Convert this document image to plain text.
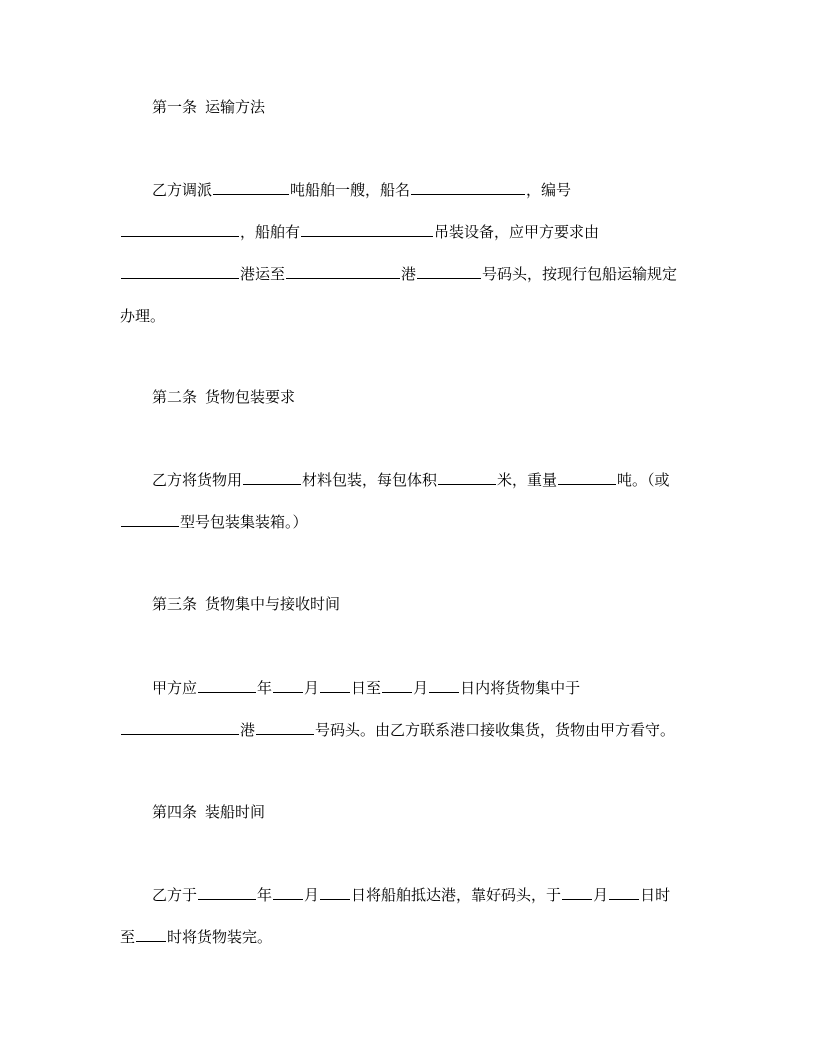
第一条 运输方法
乙方调派	吨船舶一艘，船名	，编号
，船舶有	吊装设备，应甲方要求由
港运至	港	号码头，按现行包船运输规定
办理。
第二条 货物包装要求
乙方将货物用	材料包装，每包体积	米，重量	吨。（或
型号包装集装箱。）
第三条 货物集中与接收时间
甲方应	年 月 日至 月 日内将货物集中于
港	号码头。由乙方联系港口接收集货，货物由甲方看守。
第四条 装船时间
乙方于	年 月 日将船舶抵达港，靠好码头，于 月 日时
至 时将货物装完。
